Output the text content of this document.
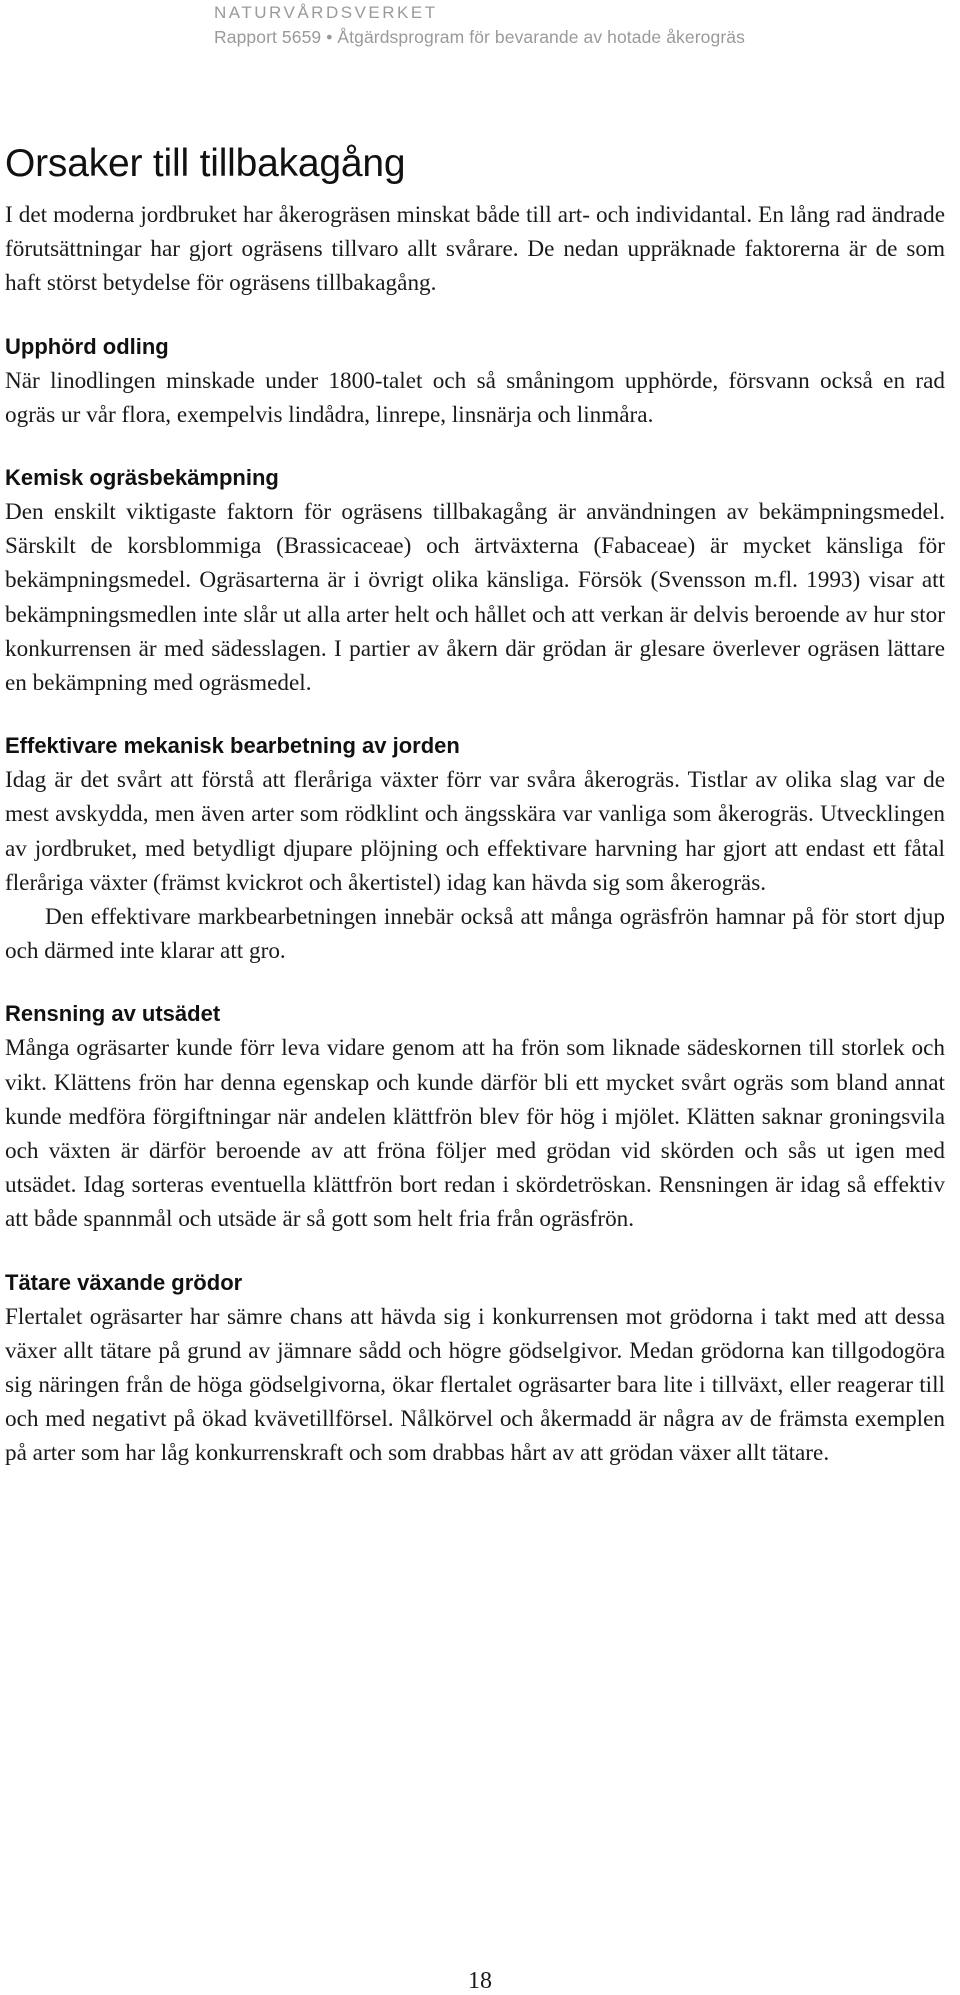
NATURVÅRDSVERKET
Rapport 5659 • Åtgärdsprogram för bevarande av hotade åkerogräs
Orsaker till tillbakagång

I det moderna jordbruket har åkerogräsen minskat både till art- och individantal. En lång rad ändrade förutsättningar har gjort ogräsens tillvaro allt svårare. De nedan uppräknade faktorerna är de som haft störst betydelse för ogräsens tillbakagång.

Upphörd odling

När linodlingen minskade under 1800-talet och så småningom upphörde, försvann också en rad ogräs ur vår flora, exempelvis lindådra, linrepe, linsnärja och linmåra.

Kemisk ogräsbekämpning

Den enskilt viktigaste faktorn för ogräsens tillbakagång är användningen av bekämpningsmedel. Särskilt de korsblommiga (Brassicaceae) och ärtväxterna (Fabaceae) är mycket känsliga för bekämpningsmedel. Ogräsarterna är i övrigt olika känsliga. Försök (Svensson m.fl. 1993) visar att bekämpningsmedlen inte slår ut alla arter helt och hållet och att verkan är delvis beroende av hur stor konkurrensen är med sädesslagen. I partier av åkern där grödan är glesare överlever ogräsen lättare en bekämpning med ogräsmedel.

Effektivare mekanisk bearbetning av jorden

Idag är det svårt att förstå att fleråriga växter förr var svåra åkerogräs. Tistlar av olika slag var de mest avskydda, men även arter som rödklint och ängsskära var vanliga som åkerogräs. Utvecklingen av jordbruket, med betydligt djupare plöjning och effektivare harvning har gjort att endast ett fåtal fleråriga växter (främst kvickrot och åkertistel) idag kan hävda sig som åkerogräs.

Den effektivare markbearbetningen innebär också att många ogräsfrön hamnar på för stort djup och därmed inte klarar att gro.

Rensning av utsädet

Många ogräsarter kunde förr leva vidare genom att ha frön som liknade sädeskornen till storlek och vikt. Klättens frön har denna egenskap och kunde därför bli ett mycket svårt ogräs som bland annat kunde medföra förgiftningar när andelen klättfrön blev för hög i mjölet. Klätten saknar groningsvila och växten är därför beroende av att fröna följer med grödan vid skörden och sås ut igen med utsädet. Idag sorteras eventuella klättfrön bort redan i skördetröskan. Rensningen är idag så effektiv att både spannmål och utsäde är så gott som helt fria från ogräsfrön.

Tätare växande grödor

Flertalet ogräsarter har sämre chans att hävda sig i konkurrensen mot grödorna i takt med att dessa växer allt tätare på grund av jämnare sådd och högre gödselgivor. Medan grödorna kan tillgodogöra sig näringen från de höga gödselgivorna, ökar flertalet ogräsarter bara lite i tillväxt, eller reagerar till och med negativt på ökad kvävetillförsel. Nålkörvel och åkermadd är några av de främsta exemplen på arter som har låg konkurrenskraft och som drabbas hårt av att grödan växer allt tätare.

18
